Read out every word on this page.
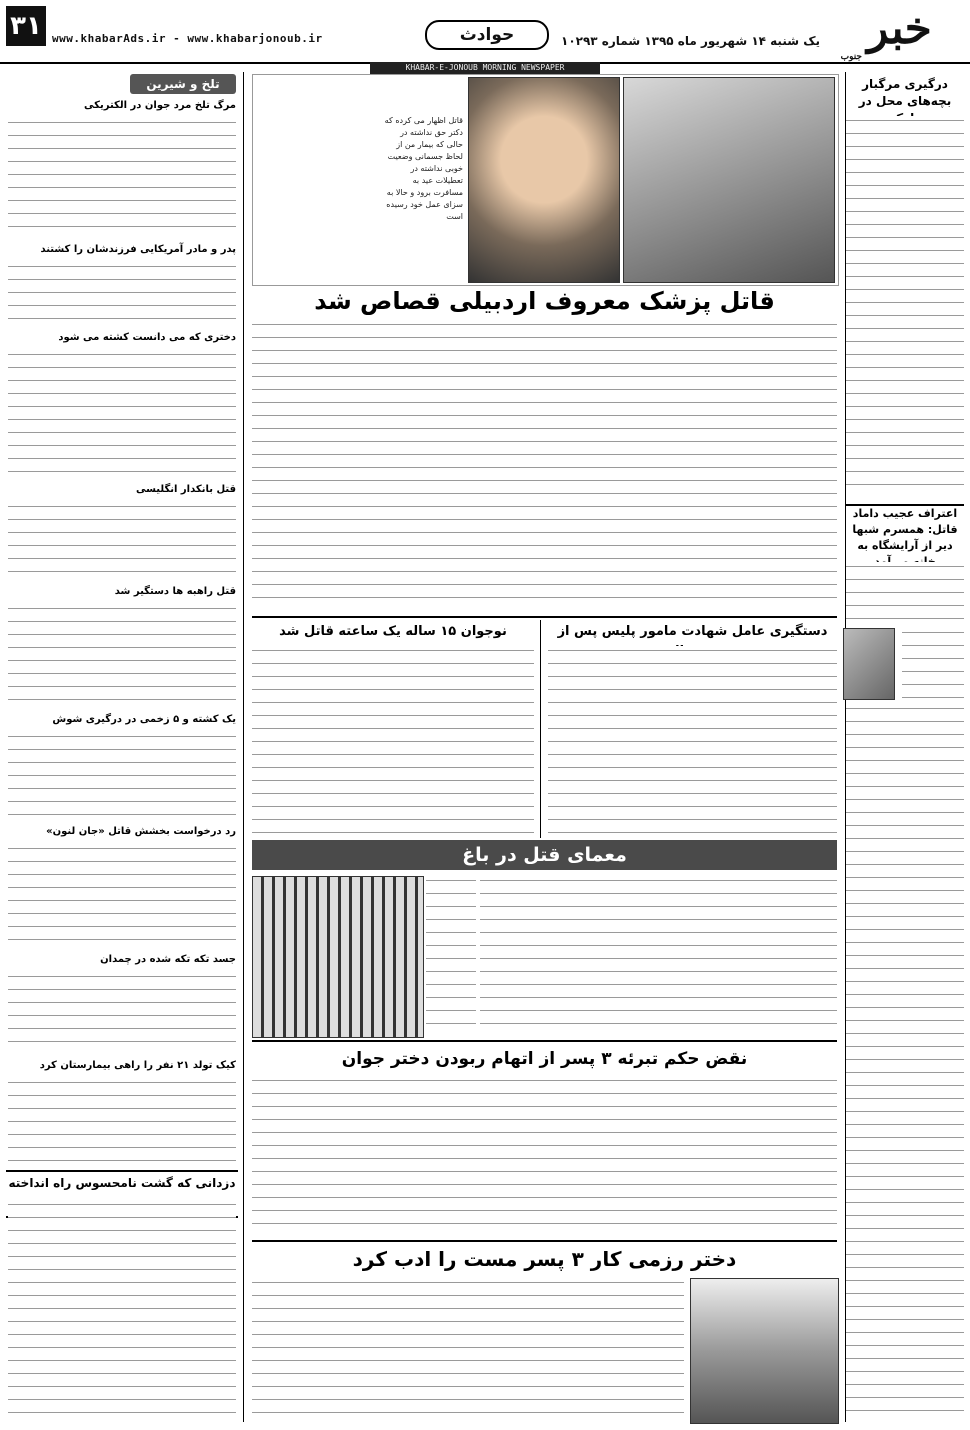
۳۱ www.khabarAds.ir - www.khabarjonoub.ir	حوادث	یک شنبه ۱۴ شهریور ماه ۱۳۹۵ شماره ۱۰۲۹۳	خبر
جنوب
KHABAR-E-JONOUB MORNING NEWSPAPER
درگیری مرگبار بچه‌های محل در
اعتراف عجیب داماد قاتل: همسرم شبها دیر از آرایشگاه به
تلخ و شیرین
مرگ تلخ مرد جوان در الکتریکی
پدر و مادر آمریکایی فرزندشان را کشتند
دختری که می دانست کشته می شود
قتل بانکدار انگلیسی
قتل راهبه ها دستگیر شد
یک کشته و ۵ زخمی در درگیری شوش
رد درخواست بخشش قاتل «جان لنون»
جسد تکه تکه شده در چمدان
کیک تولد ۲۱ نفر را راهی بیمارستان کرد
دزدانی که گشت نامحسوس راه انداخته
قاتل اظهار می کرده که دکتر حق نداشته در حالی که بیمار من از لحاظ جسمانی وضعیت خوبی نداشته در تعطیلات عید به مسافرت برود و حالا به سزای عمل خود رسیده است
قاتل پزشک معروف اردبیلی قصاص شد
دستگیری عامل شهادت مامور پلیس پس از
نوجوان ۱۵ ساله یک ساعته قاتل شد
معمای قتل در باغ
نقض حکم تبرئه ۳ پسر از اتهام ربودن دختر جوان
دختر رزمی کار ۳ پسر مست را ادب کرد
